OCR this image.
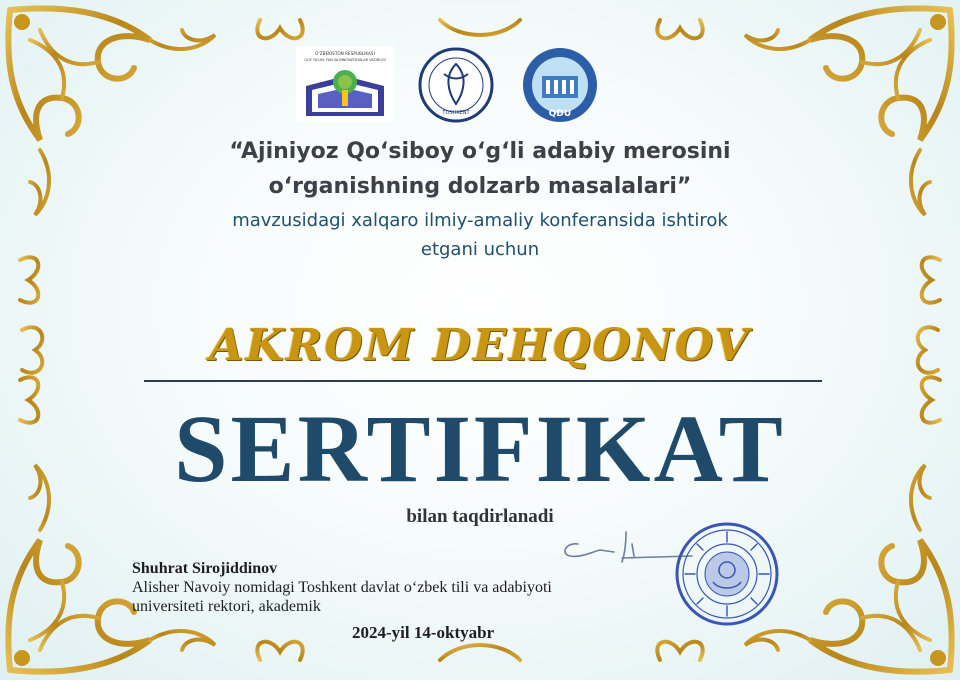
O‘ZBEKISTON RESPUBLIKASI
OLIY TA’LIM, FAN VA INNOVATSIYALAR VAZIRLIGI
TOSHKENT	QDU
“Ajiniyoz Qo‘siboy o‘g‘li adabiy merosini
o‘rganishning dolzarb masalalari”
mavzusidagi xalqaro ilmiy-amaliy konferansida ishtirok
etgani uchun
AKROM DEHQONOV
SERTIFIKAT
bilan taqdirlanadi
Shuhrat Sirojiddinov
Alisher Navoiy nomidagi Toshkent davlat o‘zbek tili va adabiyoti
universiteti rektori, akademik
2024-yil 14-oktyabr
